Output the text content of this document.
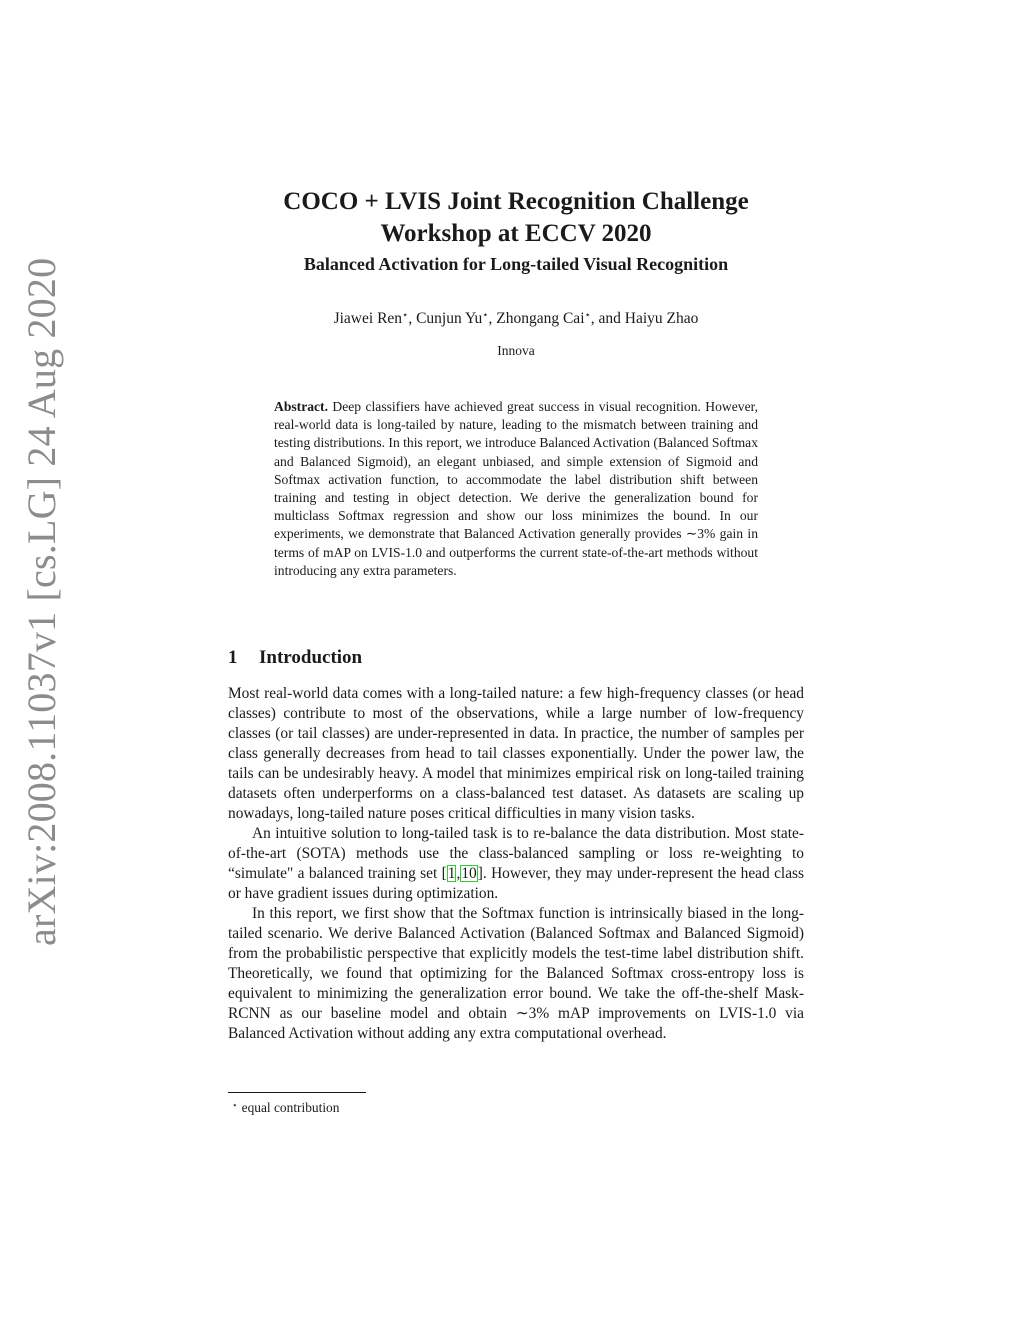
arXiv:2008.11037v1 [cs.LG] 24 Aug 2020
COCO + LVIS Joint Recognition Challenge
Workshop at ECCV 2020
Balanced Activation for Long-tailed Visual Recognition
Jiawei Ren⋆, Cunjun Yu⋆, Zhongang Cai⋆, and Haiyu Zhao
Innova
Abstract. Deep classifiers have achieved great success in visual recognition. However, real-world data is long-tailed by nature, leading to the mismatch between training and testing distributions. In this report, we introduce Balanced Activation (Balanced Softmax and Balanced Sigmoid), an elegant unbiased, and simple extension of Sigmoid and Softmax activation function, to accommodate the label distribution shift between training and testing in object detection. We derive the generalization bound for multiclass Softmax regression and show our loss minimizes the bound. In our experiments, we demonstrate that Balanced Activation generally provides ∼3% gain in terms of mAP on LVIS-1.0 and outperforms the current state-of-the-art methods without introducing any extra parameters.
1 Introduction

Most real-world data comes with a long-tailed nature: a few high-frequency classes (or head classes) contribute to most of the observations, while a large number of low-frequency classes (or tail classes) are under-represented in data. In practice, the number of samples per class generally decreases from head to tail classes exponentially. Under the power law, the tails can be undesirably heavy. A model that minimizes empirical risk on long-tailed training datasets often underperforms on a class-balanced test dataset. As datasets are scaling up nowadays, long-tailed nature poses critical difficulties in many vision tasks.

An intuitive solution to long-tailed task is to re-balance the data distribution. Most state-of-the-art (SOTA) methods use the class-balanced sampling or loss re-weighting to “simulate" a balanced training set [1,10]. However, they may under-represent the head class or have gradient issues during optimization.

In this report, we first show that the Softmax function is intrinsically biased in the long-tailed scenario. We derive Balanced Activation (Balanced Softmax and Balanced Sigmoid) from the probabilistic perspective that explicitly models the test-time label distribution shift. Theoretically, we found that optimizing for the Balanced Softmax cross-entropy loss is equivalent to minimizing the generalization error bound. We take the off-the-shelf Mask-RCNN as our baseline model and obtain ∼3% mAP improvements on LVIS-1.0 via Balanced Activation without adding any extra computational overhead.

⋆ equal contribution
